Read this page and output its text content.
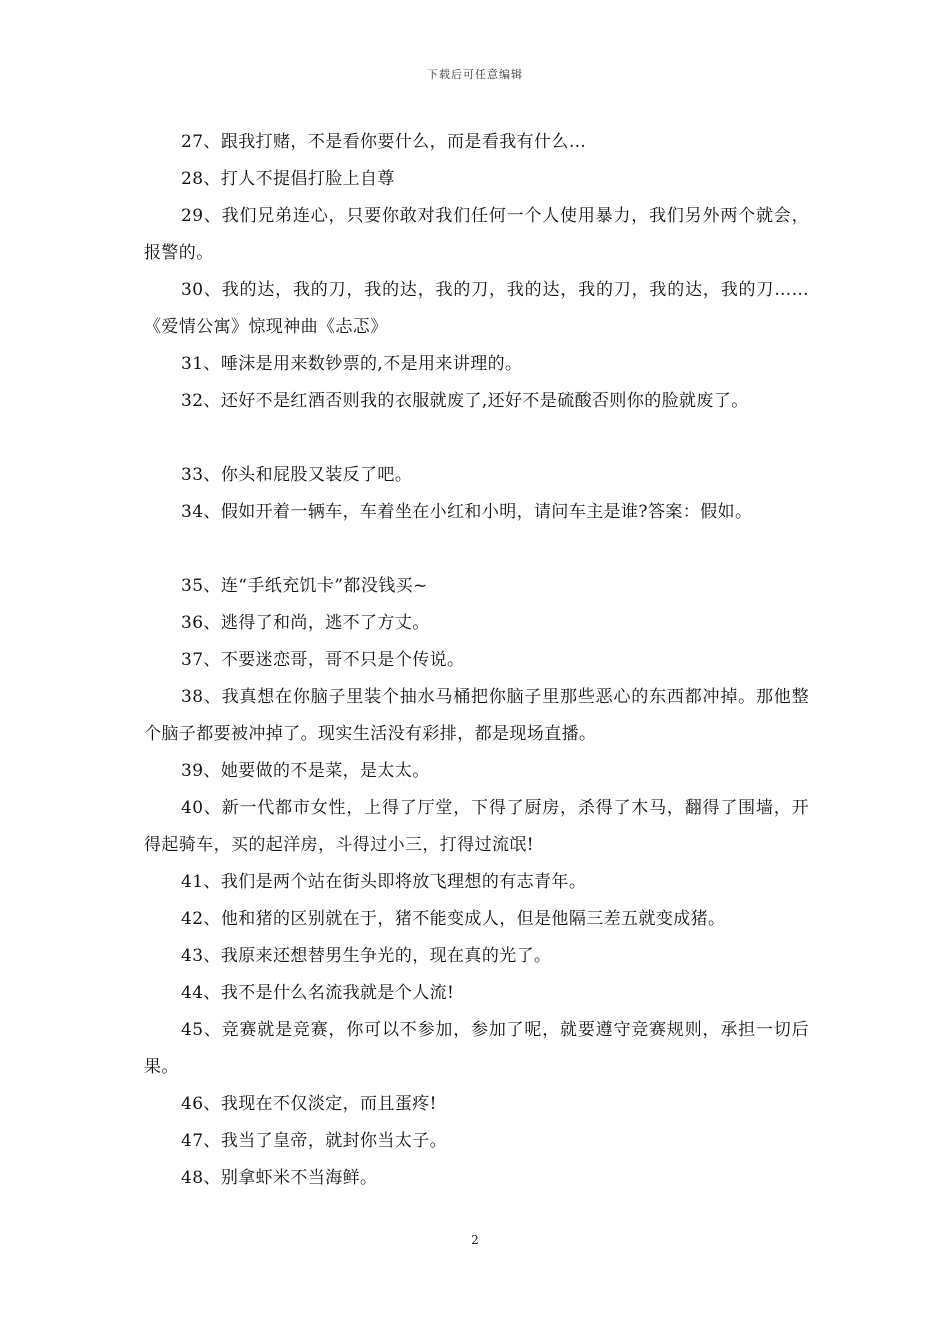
下载后可任意编辑

27、跟我打赌，不是看你要什么，而是看我有什么…

28、打人不提倡打脸上自尊

29、我们兄弟连心，只要你敢对我们任何一个人使用暴力，我们另外两个就会，报警的。

30、我的达，我的刀，我的达，我的刀，我的达，我的刀，我的达，我的刀……《爱情公寓》惊现神曲《忐忑》

31、唾沫是用来数钞票的,不是用来讲理的。

32、还好不是红酒否则我的衣服就废了,还好不是硫酸否则你的脸就废了。

33、你头和屁股又装反了吧。

34、假如开着一辆车，车着坐在小红和小明，请问车主是谁?答案：假如。

35、连“手纸充饥卡”都没钱买~

36、逃得了和尚，逃不了方丈。

37、不要迷恋哥，哥不只是个传说。

38、我真想在你脑子里装个抽水马桶把你脑子里那些恶心的东西都冲掉。那他整个脑子都要被冲掉了。现实生活没有彩排，都是现场直播。

39、她要做的不是菜，是太太。

40、新一代都市女性，上得了厅堂，下得了厨房，杀得了木马，翻得了围墙，开得起骑车，买的起洋房，斗得过小三，打得过流氓!

41、我们是两个站在街头即将放飞理想的有志青年。

42、他和猪的区别就在于，猪不能变成人，但是他隔三差五就变成猪。

43、我原来还想替男生争光的，现在真的光了。

44、我不是什么名流我就是个人流!

45、竞赛就是竞赛，你可以不参加，参加了呢，就要遵守竞赛规则，承担一切后果。

46、我现在不仅淡定，而且蛋疼!

47、我当了皇帝，就封你当太子。

48、别拿虾米不当海鲜。

2
